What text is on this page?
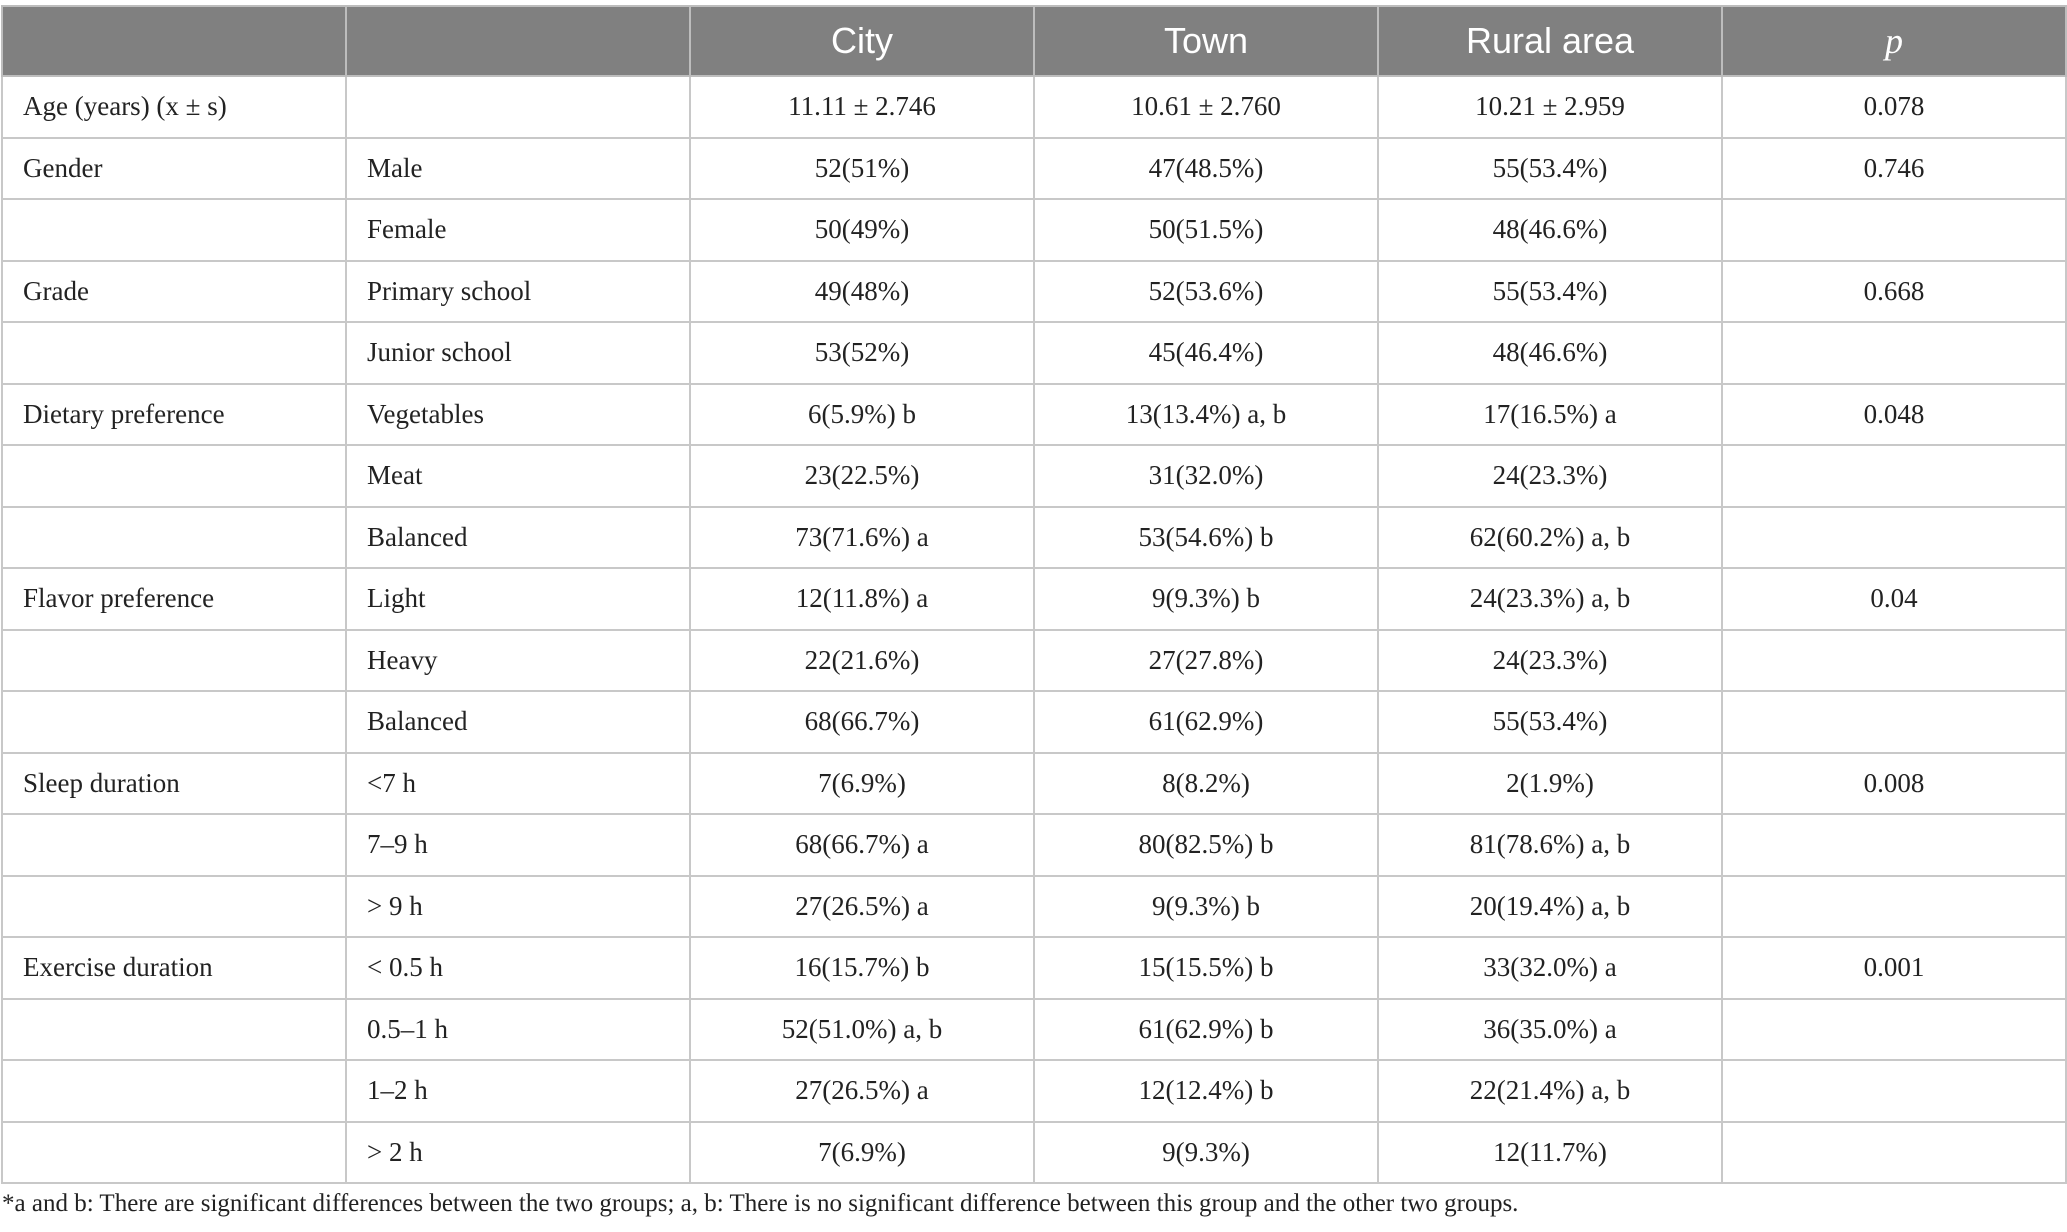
		City	Town	Rural area	p
Age (years) (x ± s)		11.11 ± 2.746	10.61 ± 2.760	10.21 ± 2.959	0.078
Gender	Male	52(51%)	47(48.5%)	55(53.4%)	0.746
	Female	50(49%)	50(51.5%)	48(46.6%)	
Grade	Primary school	49(48%)	52(53.6%)	55(53.4%)	0.668
	Junior school	53(52%)	45(46.4%)	48(46.6%)	
Dietary preference	Vegetables	6(5.9%) b	13(13.4%) a, b	17(16.5%) a	0.048
	Meat	23(22.5%)	31(32.0%)	24(23.3%)	
	Balanced	73(71.6%) a	53(54.6%) b	62(60.2%) a, b	
Flavor preference	Light	12(11.8%) a	9(9.3%) b	24(23.3%) a, b	0.04
	Heavy	22(21.6%)	27(27.8%)	24(23.3%)	
	Balanced	68(66.7%)	61(62.9%)	55(53.4%)	
Sleep duration	<7 h	7(6.9%)	8(8.2%)	2(1.9%)	0.008
	7–9 h	68(66.7%) a	80(82.5%) b	81(78.6%) a, b	
	> 9 h	27(26.5%) a	9(9.3%) b	20(19.4%) a, b	
Exercise duration	< 0.5 h	16(15.7%) b	15(15.5%) b	33(32.0%) a	0.001
	0.5–1 h	52(51.0%) a, b	61(62.9%) b	36(35.0%) a	
	1–2 h	27(26.5%) a	12(12.4%) b	22(21.4%) a, b	
	> 2 h	7(6.9%)	9(9.3%)	12(11.7%)	
*a and b: There are significant differences between the two groups; a, b: There is no significant difference between this group and the other two groups.
